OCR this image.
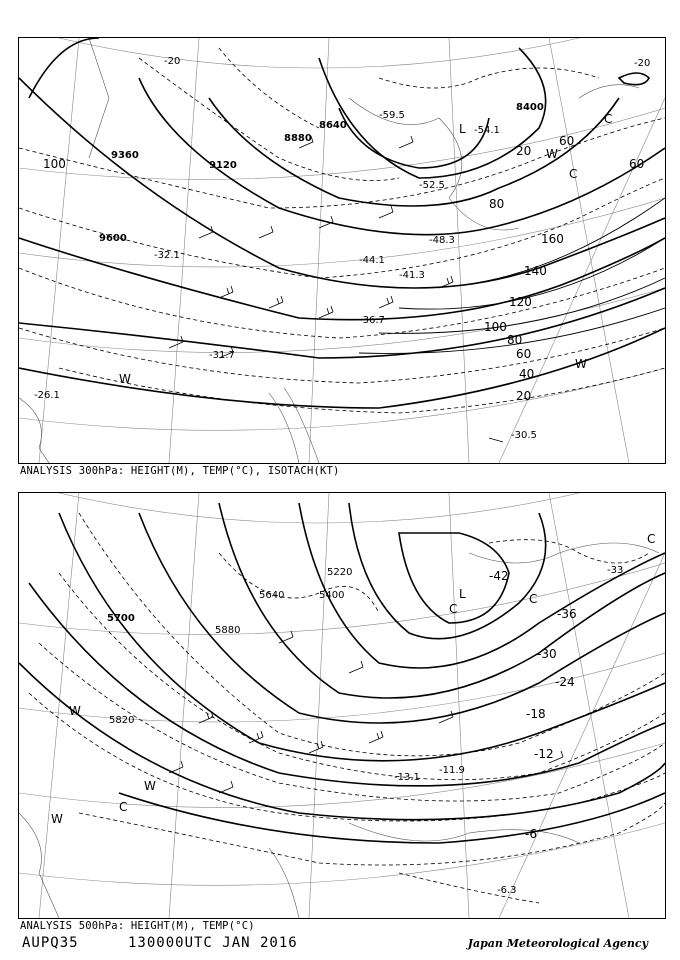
9360
9120
9600
8880
8640
8400
100
60
60
20
80
160
140
120
100
80
60
40
20
-20	-20
-26.1
-30.5
-32.1
-31.7
-36.7
-41.3
-44.1
-48.3
-54.1
-59.5
-52.5
W
W
C
L
C
W
ANALYSIS 300hPa: HEIGHT(M), TEMP(°C), ISOTACH(KT)
5700
5880
5640
5220
5400
5820
-36
-30
-24
-18
-12
-6
-42
-6.3
-11.9
-13.1
-33
W
W
C
W
L	C
C
C
ANALYSIS 500hPa: HEIGHT(M), TEMP(°C)
AUPQ35	130000UTC JAN 2016	Japan Meteorological Agency
